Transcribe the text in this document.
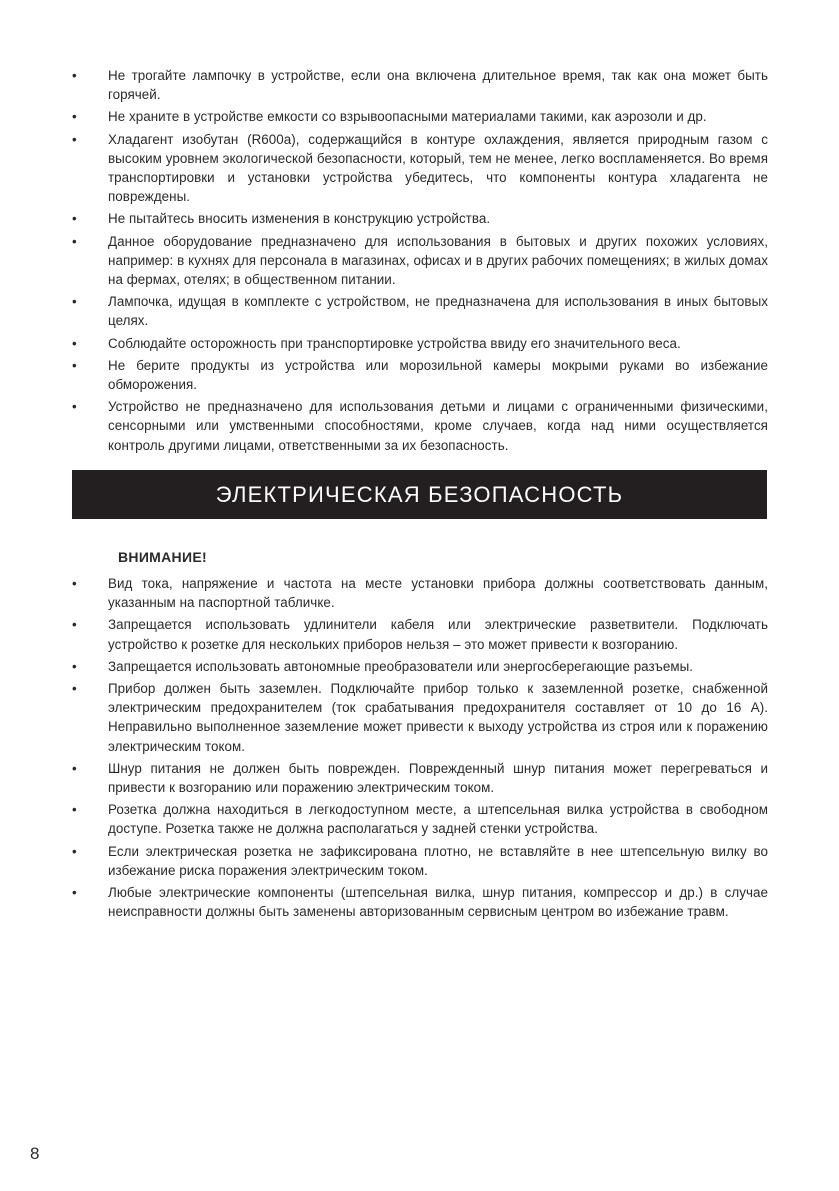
•	Не трогайте лампочку в устройстве, если она включена длительное время, так как она может быть горячей.
•	Не храните в устройстве емкости со взрывоопасными материалами такими, как аэрозоли и др.
•	Хладагент изобутан (R600a), содержащийся в контуре охлаждения, является природным газом с высоким уровнем экологической безопасности, который, тем не менее, легко воспламеняется. Во время транспортировки и установки устройства убедитесь, что компоненты контура хладагента не повреждены.
•	Не пытайтесь вносить изменения в конструкцию устройства.
•	Данное оборудование предназначено для использования в бытовых и других похожих условиях, например: в кухнях для персонала в магазинах, офисах и в других рабочих помещениях; в жилых домах на фермах, отелях; в общественном питании.
•	Лампочка, идущая в комплекте с устройством, не предназначена для использования в иных бытовых целях.
•	Соблюдайте осторожность при транспортировке устройства ввиду его значительного веса.
•	Не берите продукты из устройства или морозильной камеры мокрыми руками во избежание обморожения.
•	Устройство не предназначено для использования детьми и лицами с ограниченными физическими, сенсорными или умственными способностями, кроме случаев, когда над ними осуществляется контроль другими лицами, ответственными за их безопасность.
ЭЛЕКТРИЧЕСКАЯ БЕЗОПАСНОСТЬ
ВНИМАНИЕ!
•	Вид тока, напряжение и частота на месте установки прибора должны соответствовать данным, указанным на паспортной табличке.
•	Запрещается использовать удлинители кабеля или электрические разветвители. Подключать устройство к розетке для нескольких приборов нельзя – это может привести к возгоранию.
•	Запрещается использовать автономные преобразователи или энергосберегающие разъемы.
•	Прибор должен быть заземлен. Подключайте прибор только к заземленной розетке, снабженной электрическим предохранителем (ток срабатывания предохранителя составляет от 10 до 16 А). Неправильно выполненное заземление может привести к выходу устройства из строя или к поражению электрическим током.
•	Шнур питания не должен быть поврежден. Поврежденный шнур питания может перегреваться и привести к возгоранию или поражению электрическим током.
•	Розетка должна находиться в легкодоступном месте, а штепсельная вилка устройства в свободном доступе. Розетка также не должна располагаться у задней стенки устройства.
•	Если электрическая розетка не зафиксирована плотно, не вставляйте в нее штепсельную вилку во избежание риска поражения электрическим током.
•	Любые электрические компоненты (штепсельная вилка, шнур питания, компрессор и др.) в случае неисправности должны быть заменены авторизованным сервисным центром во избежание травм.
8
